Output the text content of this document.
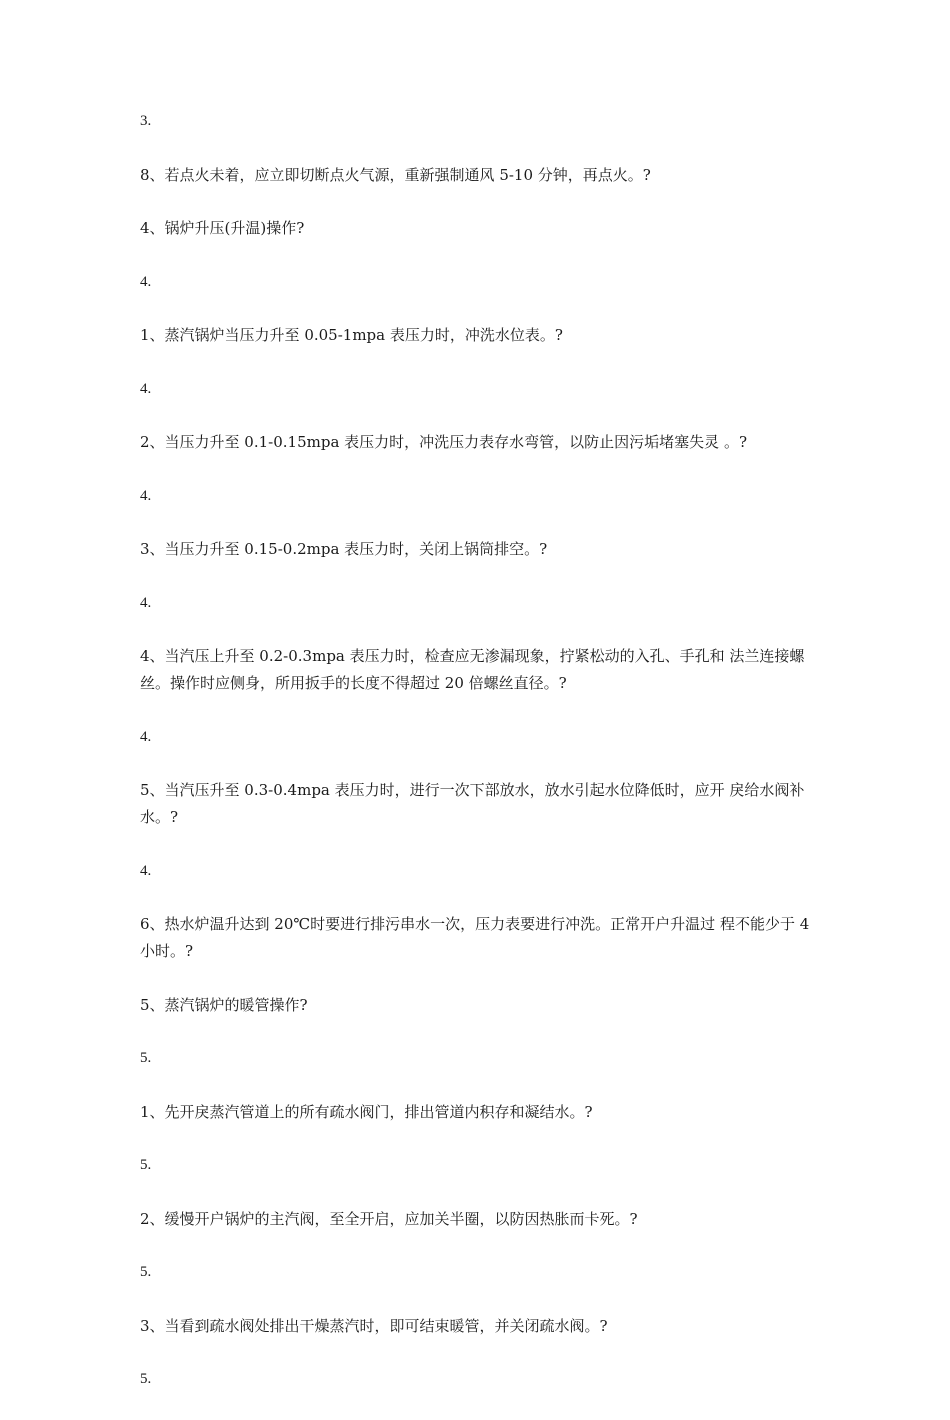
3.

8、若点火未着，应立即切断点火气源，重新强制通风 5-10 分钟，再点火。?

4、锅炉升压(升温)操作?

4.

1、蒸汽锅炉当压力升至 0.05-1mpa 表压力时，冲洗水位表。?

4.

2、当压力升至 0.1-0.15mpa 表压力时，冲洗压力表存水弯管，以防止因污垢堵塞失灵 。?

4.

3、当压力升至 0.15-0.2mpa 表压力时，关闭上锅筒排空。?

4.

4、当汽压上升至 0.2-0.3mpa 表压力时，检查应无渗漏现象，拧紧松动的入孔、手孔和 法兰连接螺丝。操作时应侧身，所用扳手的长度不得超过 20 倍螺丝直径。?

4.

5、当汽压升至 0.3-0.4mpa 表压力时，进行一次下部放水，放水引起水位降低时，应开 戾给水阀补水。?

4.

6、热水炉温升达到 20℃时要进行排污串水一次，压力表要进行冲洗。正常开户升温过 程不能少于 4 小时。?

5、蒸汽锅炉的暖管操作?

5.

1、先开戾蒸汽管道上的所有疏水阀门，排出管道内积存和凝结水。?

5.

2、缓慢开户锅炉的主汽阀，至全开启，应加关半圈，以防因热胀而卡死。?

5.

3、当看到疏水阀处排出干燥蒸汽时，即可结束暖管，并关闭疏水阀。?

5.
